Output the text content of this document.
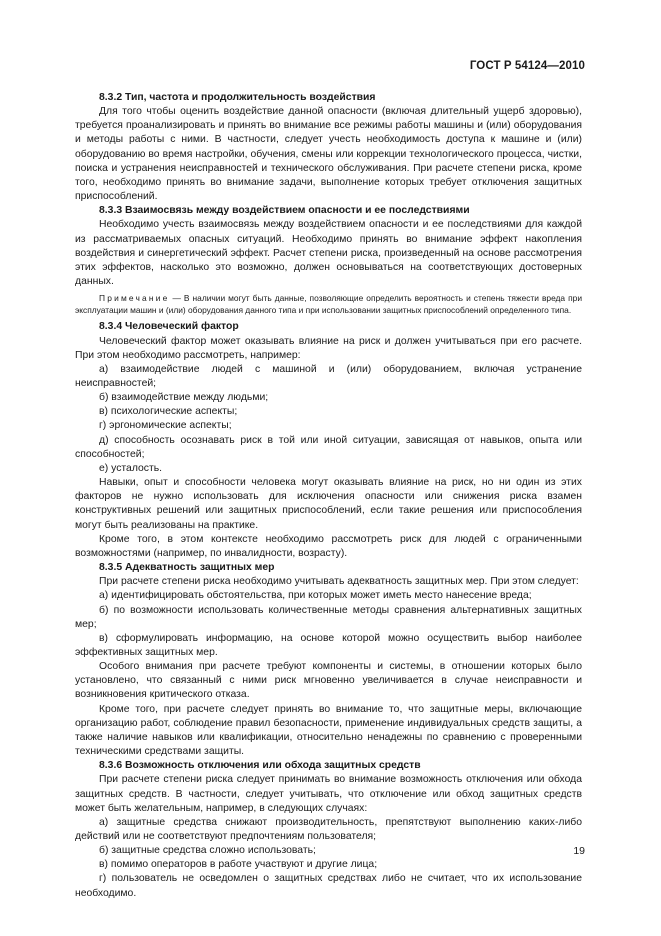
ГОСТ Р 54124—2010

8.3.2 Тип, частота и продолжительность воздействия

Для того чтобы оценить воздействие данной опасности (включая длительный ущерб здоровью), требуется проанализировать и принять во внимание все режимы работы машины и (или) оборудования и методы работы с ними. В частности, следует учесть необходимость доступа к машине и (или) оборудованию во время настройки, обучения, смены или коррекции технологического процесса, чистки, поиска и устранения неисправностей и технического обслуживания. При расчете степени риска, кроме того, необходимо принять во внимание задачи, выполнение которых требует отключения защитных приспособлений.

8.3.3 Взаимосвязь между воздействием опасности и ее последствиями

Необходимо учесть взаимосвязь между воздействием опасности и ее последствиями для каждой из рассматриваемых опасных ситуаций. Необходимо принять во внимание эффект накопления воздействия и синергетический эффект. Расчет степени риска, произведенный на основе рассмотрения этих эффектов, насколько это возможно, должен основываться на соответствующих достоверных данных.

Примечание — В наличии могут быть данные, позволяющие определить вероятность и степень тяжести вреда при эксплуатации машин и (или) оборудования данного типа и при использовании защитных приспособлений определенного типа.

8.3.4 Человеческий фактор

Человеческий фактор может оказывать влияние на риск и должен учитываться при его расчете. При этом необходимо рассмотреть, например:

а) взаимодействие людей с машиной и (или) оборудованием, включая устранение неисправностей;

б) взаимодействие между людьми;

в) психологические аспекты;

г) эргономические аспекты;

д) способность осознавать риск в той или иной ситуации, зависящая от навыков, опыта или способностей;

е) усталость.

Навыки, опыт и способности человека могут оказывать влияние на риск, но ни один из этих факторов не нужно использовать для исключения опасности или снижения риска взамен конструктивных решений или защитных приспособлений, если такие решения или приспособления могут быть реализованы на практике.

Кроме того, в этом контексте необходимо рассмотреть риск для людей с ограниченными возможностями (например, по инвалидности, возрасту).

8.3.5 Адекватность защитных мер

При расчете степени риска необходимо учитывать адекватность защитных мер. При этом следует:

а) идентифицировать обстоятельства, при которых может иметь место нанесение вреда;

б) по возможности использовать количественные методы сравнения альтернативных защитных мер;

в) сформулировать информацию, на основе которой можно осуществить выбор наиболее эффективных защитных мер.

Особого внимания при расчете требуют компоненты и системы, в отношении которых было установлено, что связанный с ними риск мгновенно увеличивается в случае неисправности и возникновения критического отказа.

Кроме того, при расчете следует принять во внимание то, что защитные меры, включающие организацию работ, соблюдение правил безопасности, применение индивидуальных средств защиты, а также наличие навыков или квалификации, относительно ненадежны по сравнению с проверенными техническими средствами защиты.

8.3.6 Возможность отключения или обхода защитных средств

При расчете степени риска следует принимать во внимание возможность отключения или обхода защитных средств. В частности, следует учитывать, что отключение или обход защитных средств может быть желательным, например, в следующих случаях:

а) защитные средства снижают производительность, препятствуют выполнению каких-либо действий или не соответствуют предпочтениям пользователя;

б) защитные средства сложно использовать;

в) помимо операторов в работе участвуют и другие лица;

г) пользователь не осведомлен о защитных средствах либо не считает, что их использование необходимо.

19
